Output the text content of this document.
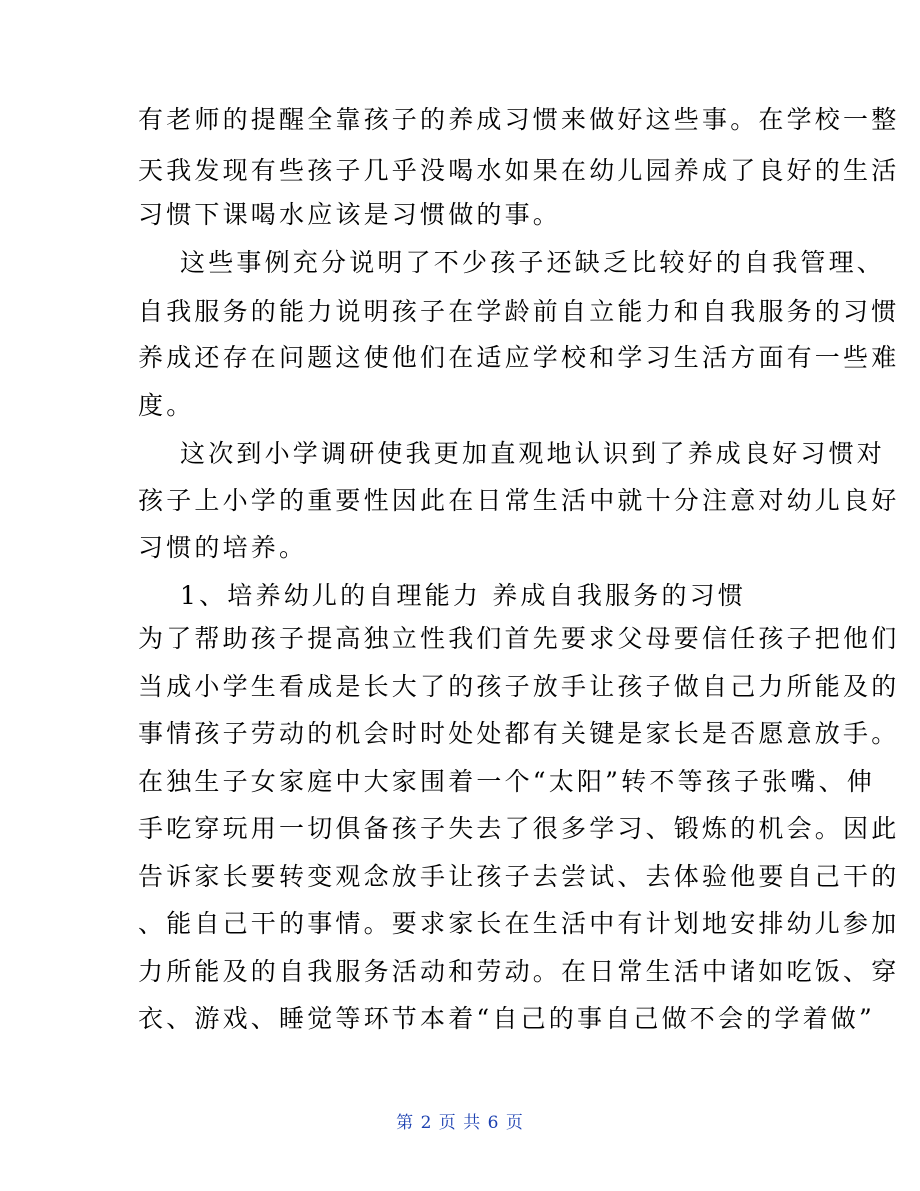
有老师的提醒全靠孩子的养成习惯来做好这些事。在学校一整
天我发现有些孩子几乎没喝水如果在幼儿园养成了良好的生活
习惯下课喝水应该是习惯做的事。
这些事例充分说明了不少孩子还缺乏比较好的自我管理、
自我服务的能力说明孩子在学龄前自立能力和自我服务的习惯
养成还存在问题这使他们在适应学校和学习生活方面有一些难
度。
这次到小学调研使我更加直观地认识到了养成良好习惯对
孩子上小学的重要性因此在日常生活中就十分注意对幼儿良好
习惯的培养。
1、培养幼儿的自理能力 养成自我服务的习惯
为了帮助孩子提高独立性我们首先要求父母要信任孩子把他们
当成小学生看成是长大了的孩子放手让孩子做自己力所能及的
事情孩子劳动的机会时时处处都有关键是家长是否愿意放手。
在独生子女家庭中大家围着一个“太阳”转不等孩子张嘴、伸
手吃穿玩用一切俱备孩子失去了很多学习、锻炼的机会。因此
告诉家长要转变观念放手让孩子去尝试、去体验他要自己干的
、能自己干的事情。要求家长在生活中有计划地安排幼儿参加
力所能及的自我服务活动和劳动。在日常生活中诸如吃饭、穿
衣、游戏、睡觉等环节本着“自己的事自己做不会的学着做”
第 2 页 共 6 页
